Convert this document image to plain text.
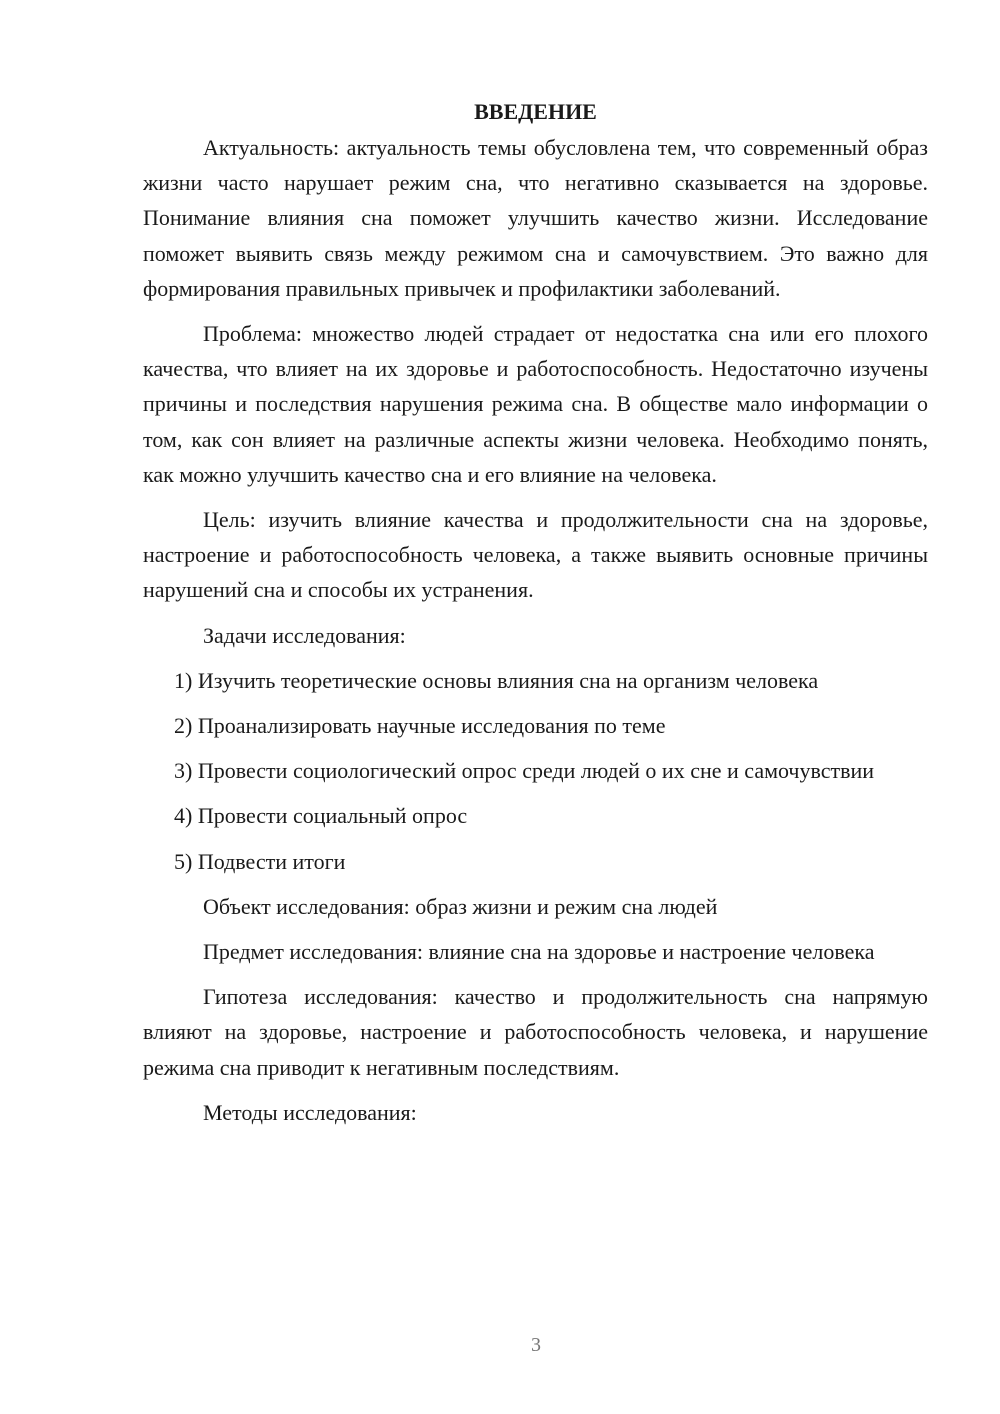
ВВЕДЕНИЕ

Актуальность: актуальность темы обусловлена тем, что современный образ жизни часто нарушает режим сна, что негативно сказывается на здоровье. Понимание влияния сна поможет улучшить качество жизни. Исследование поможет выявить связь между режимом сна и самочувствием. Это важно для формирования правильных привычек и профилактики заболеваний.

Проблема: множество людей страдает от недостатка сна или его плохого качества, что влияет на их здоровье и работоспособность. Недостаточно изучены причины и последствия нарушения режима сна. В обществе мало информации о том, как сон влияет на различные аспекты жизни человека. Необходимо понять, как можно улучшить качество сна и его влияние на человека.

Цель: изучить влияние качества и продолжительности сна на здоровье, настроение и работоспособность человека, а также выявить основные причины нарушений сна и способы их устранения.

Задачи исследования:

1) Изучить теоретические основы влияния сна на организм человека

2) Проанализировать научные исследования по теме

3) Провести социологический опрос среди людей о их сне и самочувствии

4) Провести социальный опрос

5) Подвести итоги

Объект исследования: образ жизни и режим сна людей

Предмет исследования: влияние сна на здоровье и настроение человека

Гипотеза исследования: качество и продолжительность сна напрямую влияют на здоровье, настроение и работоспособность человека, и нарушение режима сна приводит к негативным последствиям.

Методы исследования:

3
